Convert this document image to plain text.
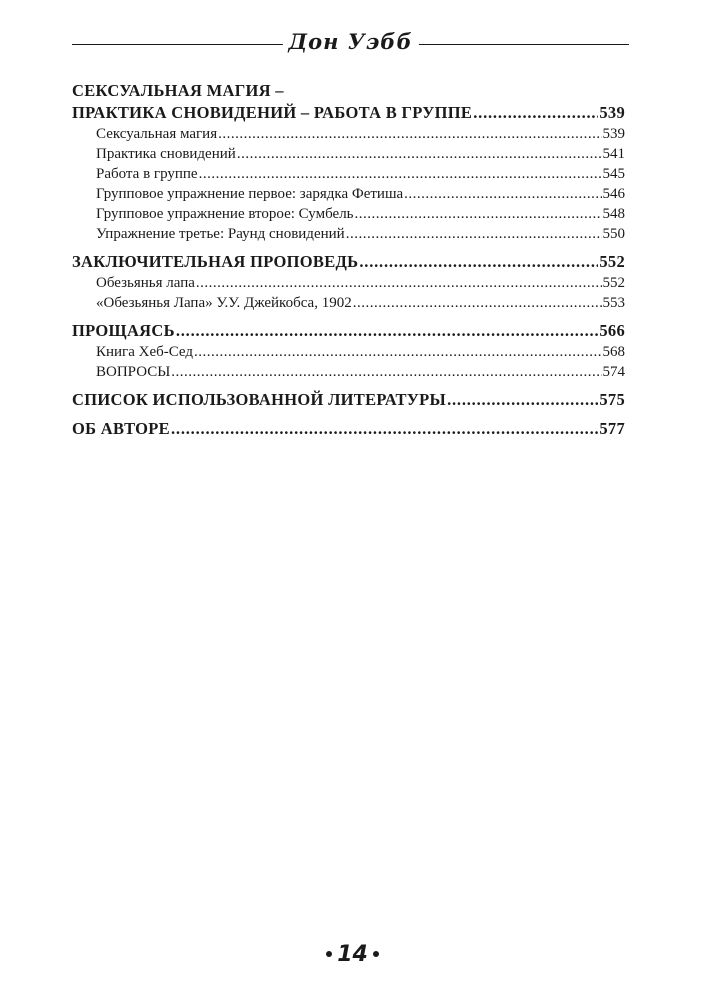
Дон Уэбб
СЕКСУАЛЬНАЯ МАГИЯ –
ПРАКТИКА СНОВИДЕНИЙ – РАБОТА В ГРУППЕ .....	539
Сексуальная магия .....	539
Практика сновидений .....	541
Работа в группе .....	545
Групповое упражнение первое: зарядка Фетиша .....	546
Групповое упражнение второе: Сумбель .....	548
Упражнение третье: Раунд сновидений .....	550
ЗАКЛЮЧИТЕЛЬНАЯ ПРОПОВЕДЬ .....	552
Обезьянья лапа .....	552
«Обезьянья Лапа» У.У. Джейкобса, 1902 .....	553
ПРОЩАЯСЬ .....	566
Книга Хеб-Сед .....	568
ВОПРОСЫ .....	574
СПИСОК ИСПОЛЬЗОВАННОЙ ЛИТЕРАТУРЫ .....	575
ОБ АВТОРЕ .....	577
14
